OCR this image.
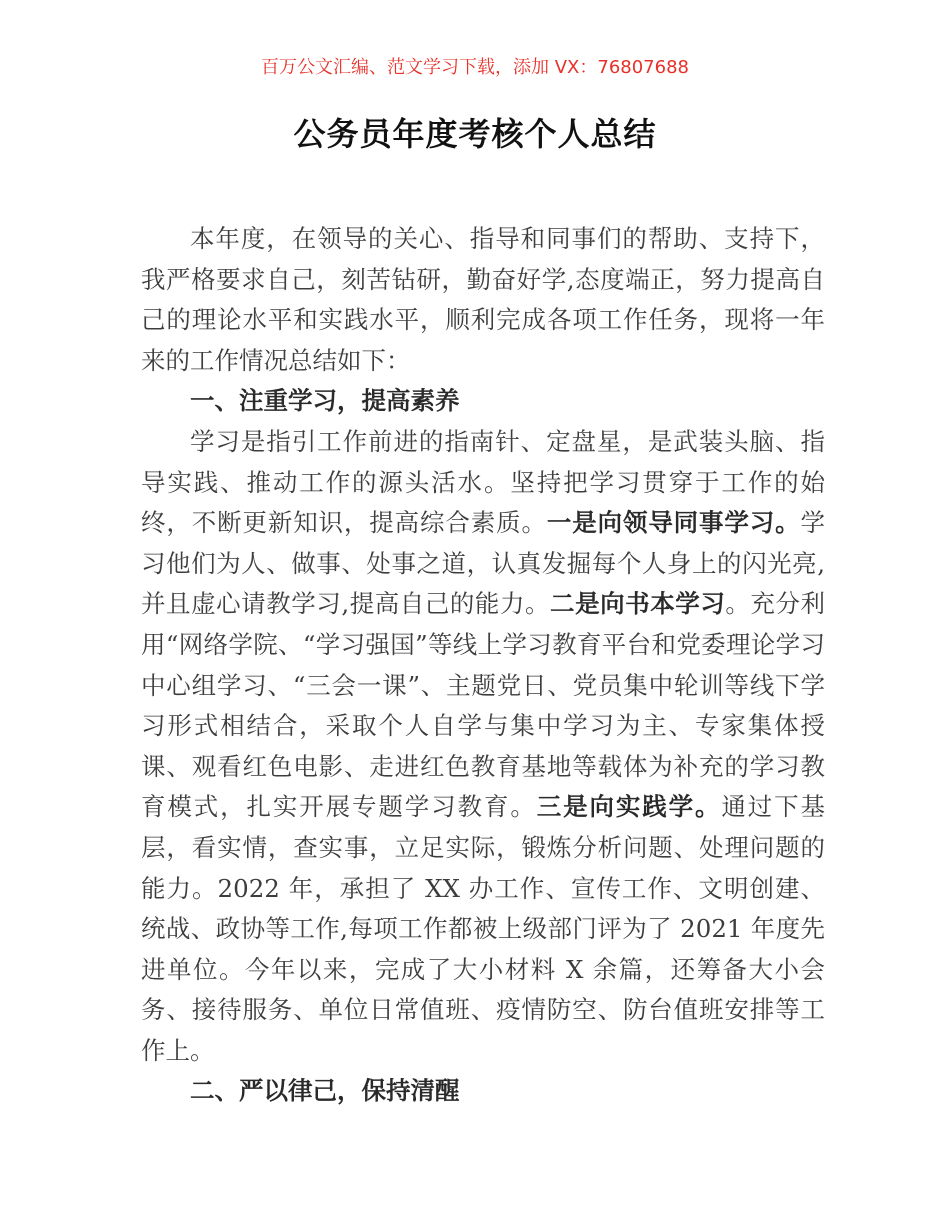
百万公文汇编、范文学习下载，添加 VX：76807688
公务员年度考核个人总结

本年度，在领导的关心、指导和同事们的帮助、支持下，我严格要求自己，刻苦钻研，勤奋好学,态度端正，努力提高自己的理论水平和实践水平，顺利完成各项工作任务，现将一年来的工作情况总结如下：

一、注重学习，提高素养

学习是指引工作前进的指南针、定盘星，是武装头脑、指导实践、推动工作的源头活水。坚持把学习贯穿于工作的始终，不断更新知识，提高综合素质。一是向领导同事学习。学习他们为人、做事、处事之道，认真发掘每个人身上的闪光亮,并且虚心请教学习,提高自己的能力。二是向书本学习。充分利用“网络学院、“学习强国”等线上学习教育平台和党委理论学习中心组学习、“三会一课”、主题党日、党员集中轮训等线下学习形式相结合，采取个人自学与集中学习为主、专家集体授课、观看红色电影、走进红色教育基地等载体为补充的学习教育模式，扎实开展专题学习教育。三是向实践学。通过下基层，看实情，查实事，立足实际，锻炼分析问题、处理问题的能力。2022 年，承担了 XX 办工作、宣传工作、文明创建、统战、政协等工作,每项工作都被上级部门评为了 2021 年度先进单位。今年以来，完成了大小材料 X 余篇，还筹备大小会务、接待服务、单位日常值班、疫情防空、防台值班安排等工作上。

二、严以律己，保持清醒
